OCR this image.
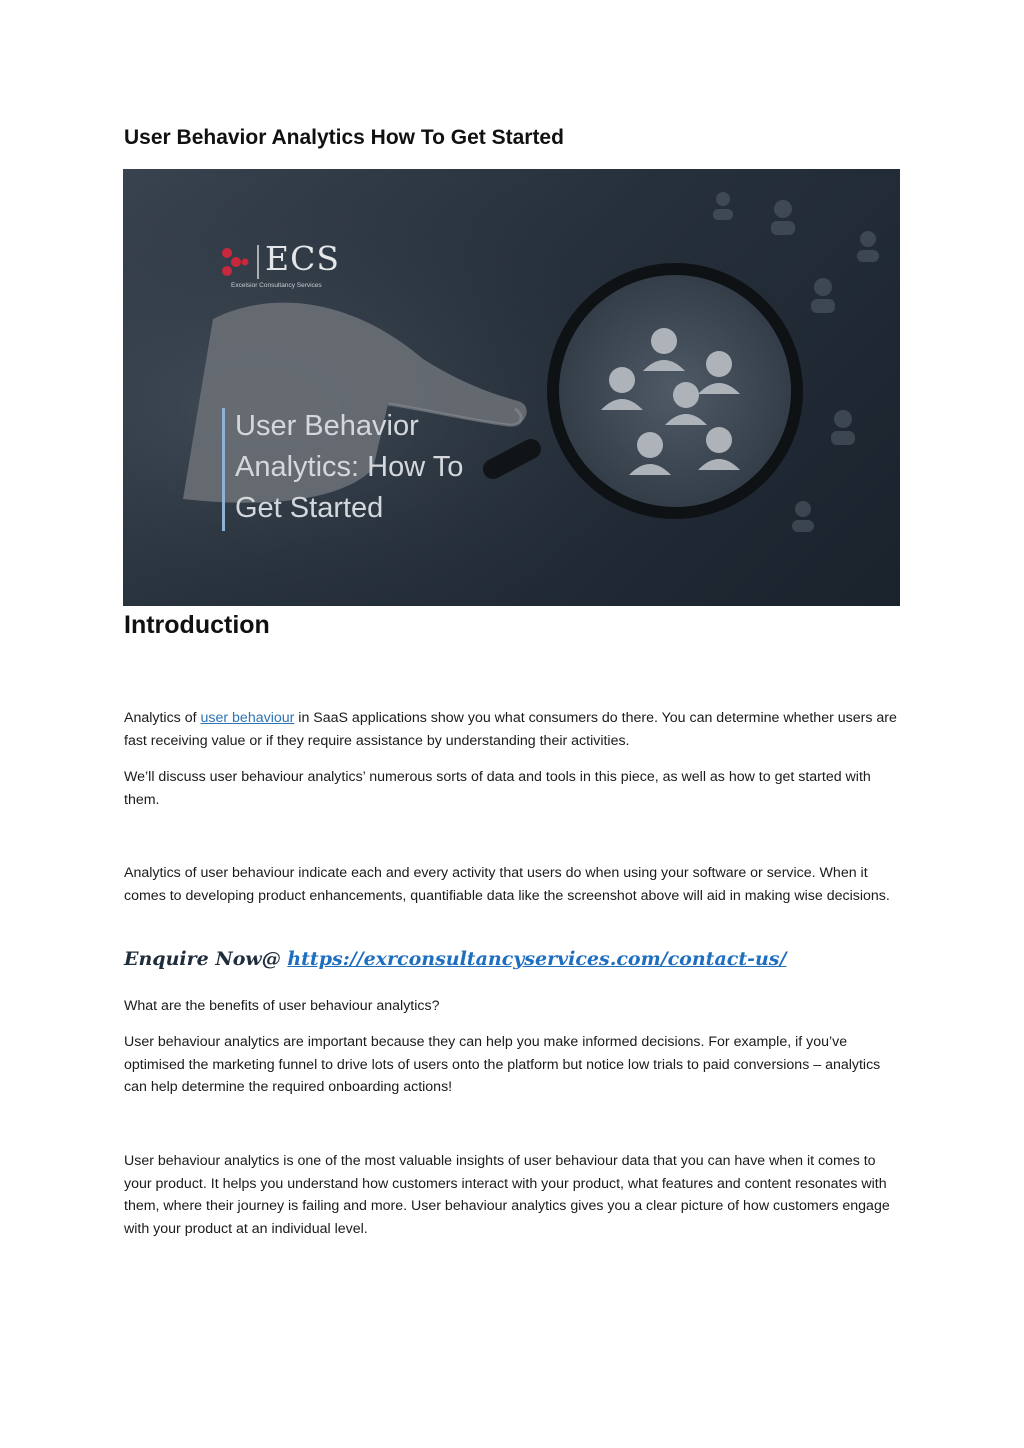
User Behavior Analytics How To Get Started
ECS
Excelsior Consultancy Services
User Behavior
Analytics: How To
Get Started
Introduction

Analytics of user behaviour in SaaS applications show you what consumers do there. You can determine whether users are fast receiving value or if they require assistance by understanding their activities.

We’ll discuss user behaviour analytics’ numerous sorts of data and tools in this piece, as well as how to get started with them.

Analytics of user behaviour indicate each and every activity that users do when using your software or service. When it comes to developing product enhancements, quantifiable data like the screenshot above will aid in making wise decisions.

Enquire Now@ https://exrconsultancyservices.com/contact-us/

What are the benefits of user behaviour analytics?

User behaviour analytics are important because they can help you make informed decisions. For example, if you’ve optimised the marketing funnel to drive lots of users onto the platform but notice low trials to paid conversions – analytics can help determine the required onboarding actions!

User behaviour analytics is one of the most valuable insights of user behaviour data that you can have when it comes to your product. It helps you understand how customers interact with your product, what features and content resonates with them, where their journey is failing and more. User behaviour analytics gives you a clear picture of how customers engage with your product at an individual level.
